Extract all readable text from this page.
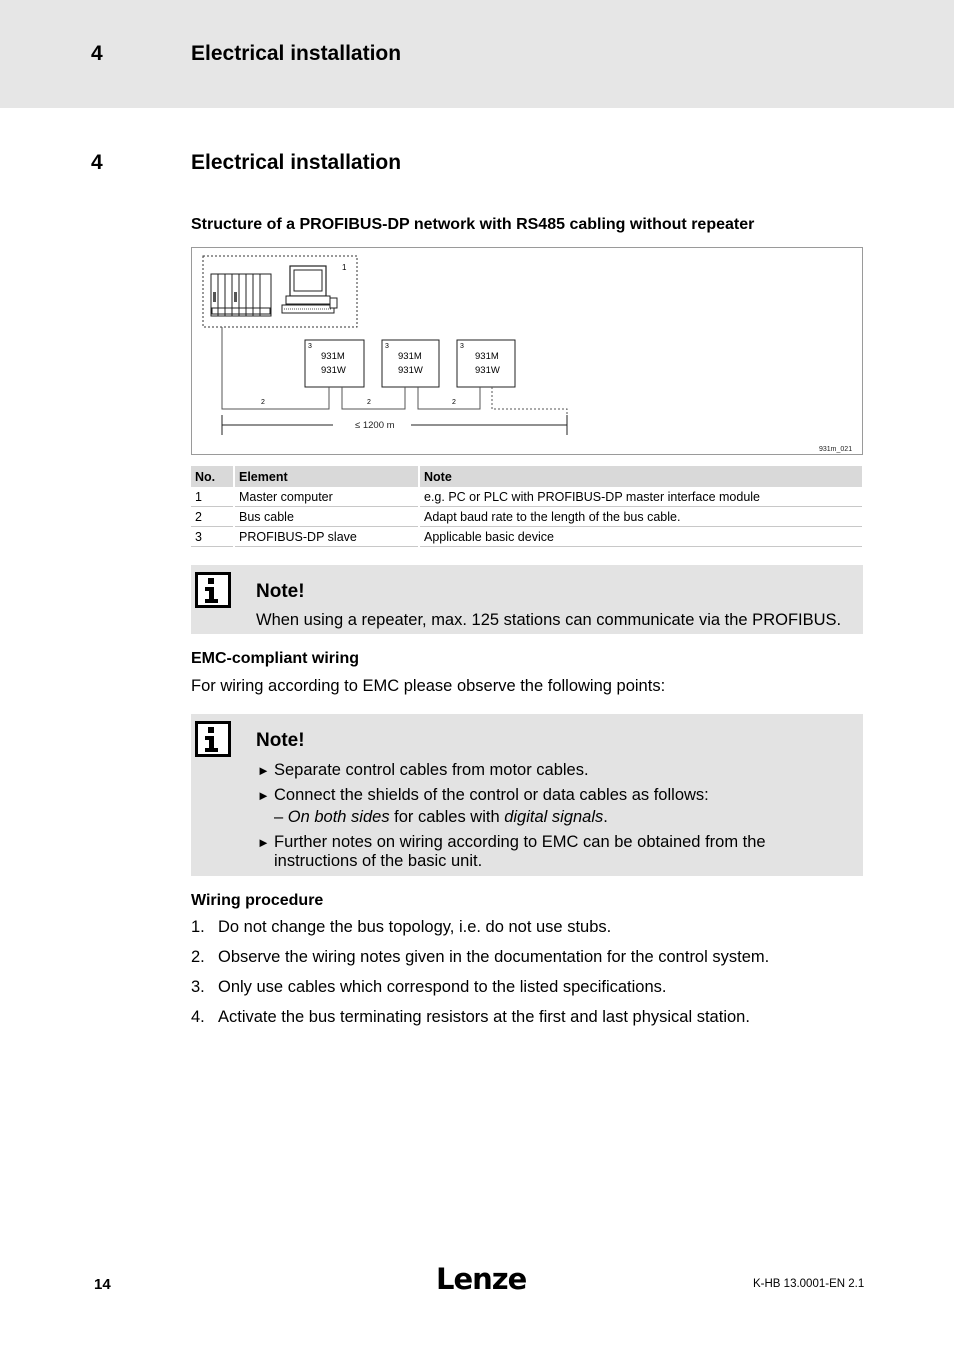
4	Electrical installation
4	Electrical installation
Structure of a PROFIBUS-DP network with RS485 cabling without repeater
1
3
931M
931W
3
931M
931W
3
931M
931W
2	2	2
≤ 1200 m
931m_021
No.	Element	Note
1	Master computer	e.g. PC or PLC with PROFIBUS-DP master interface module
2	Bus cable	Adapt baud rate to the length of the bus cable.
3	PROFIBUS-DP slave	Applicable basic device
Note!
When using a repeater, max. 125 stations can communicate via the PROFIBUS.
EMC-compliant wiring
For wiring according to EMC please observe the following points:
Note!
► Separate control cables from motor cables.
► Connect the shields of the control or data cables as follows:
– On both sides for cables with digital signals.
► Further notes on wiring according to EMC can be obtained from the instructions of the basic unit.
Wiring procedure
1. Do not change the bus topology, i.e. do not use stubs.
2. Observe the wiring notes given in the documentation for the control system.
3. Only use cables which correspond to the listed specifications.
4. Activate the bus terminating resistors at the first and last physical station.
14	Lenze	K-HB 13.0001-EN 2.1
